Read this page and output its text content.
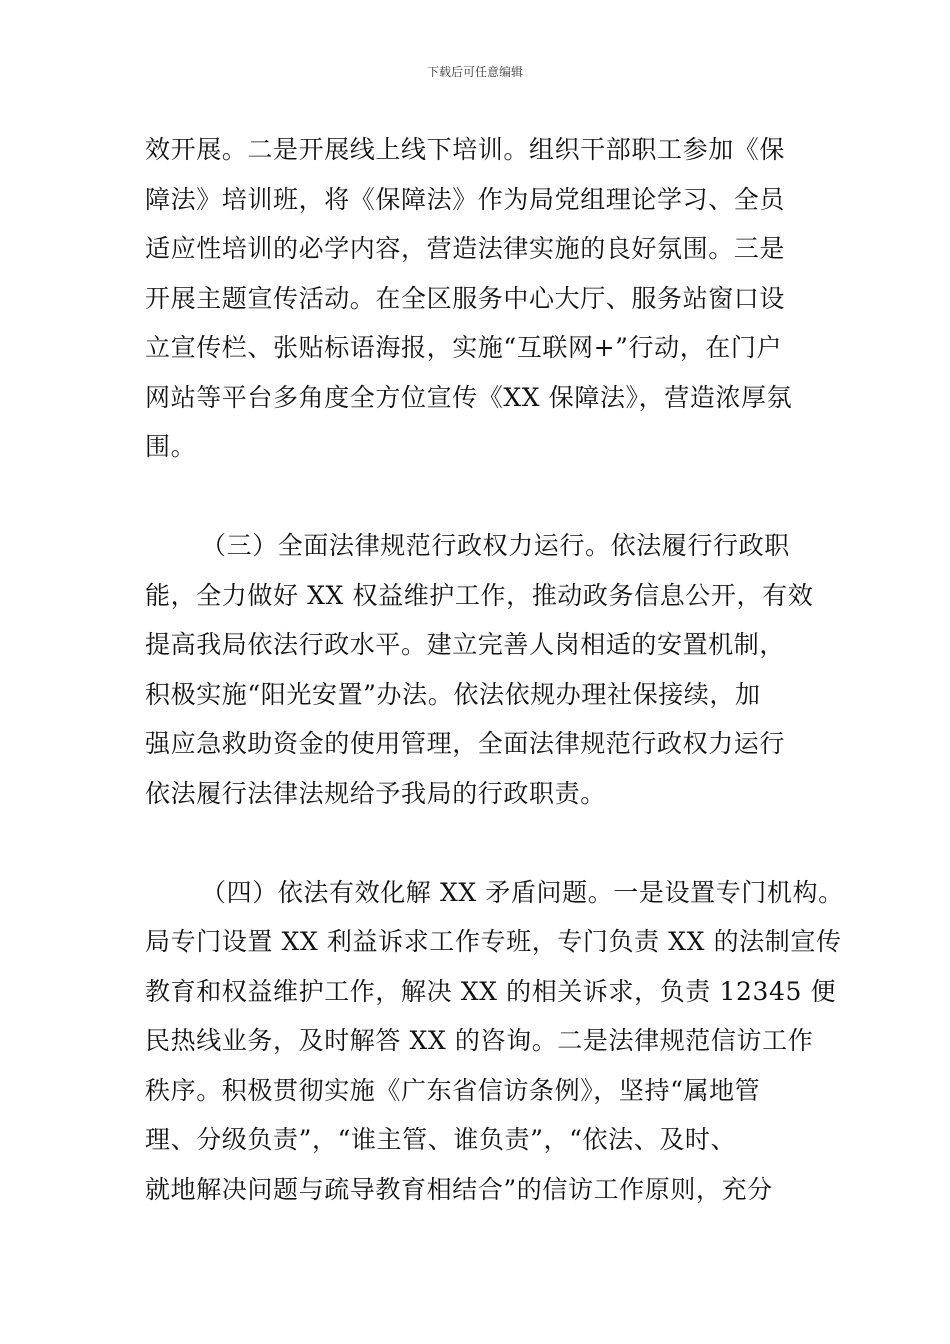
下载后可任意编辑

效开展。二是开展线上线下培训。组织干部职工参加《保
障法》培训班，将《保障法》作为局党组理论学习、全员
适应性培训的必学内容，营造法律实施的良好氛围。三是
开展主题宣传活动。在全区服务中心大厅、服务站窗口设
立宣传栏、张贴标语海报，实施“互联网+”行动，在门户
网站等平台多角度全方位宣传《XX 保障法》，营造浓厚氛
围。

（三）全面法律规范行政权力运行。依法履行行政职
能，全力做好 XX 权益维护工作，推动政务信息公开，有效
提高我局依法行政水平。建立完善人岗相适的安置机制，
积极实施“阳光安置”办法。依法依规办理社保接续，加
强应急救助资金的使用管理，全面法律规范行政权力运行
依法履行法律法规给予我局的行政职责。

（四）依法有效化解 XX 矛盾问题。一是设置专门机构。
局专门设置 XX 利益诉求工作专班，专门负责 XX 的法制宣传
教育和权益维护工作，解决 XX 的相关诉求，负责 12345 便
民热线业务，及时解答 XX 的咨询。二是法律规范信访工作
秩序。积极贯彻实施《广东省信访条例》，坚持“属地管
理、分级负责”，“谁主管、谁负责”，“依法、及时、
就地解决问题与疏导教育相结合”的信访工作原则，充分
